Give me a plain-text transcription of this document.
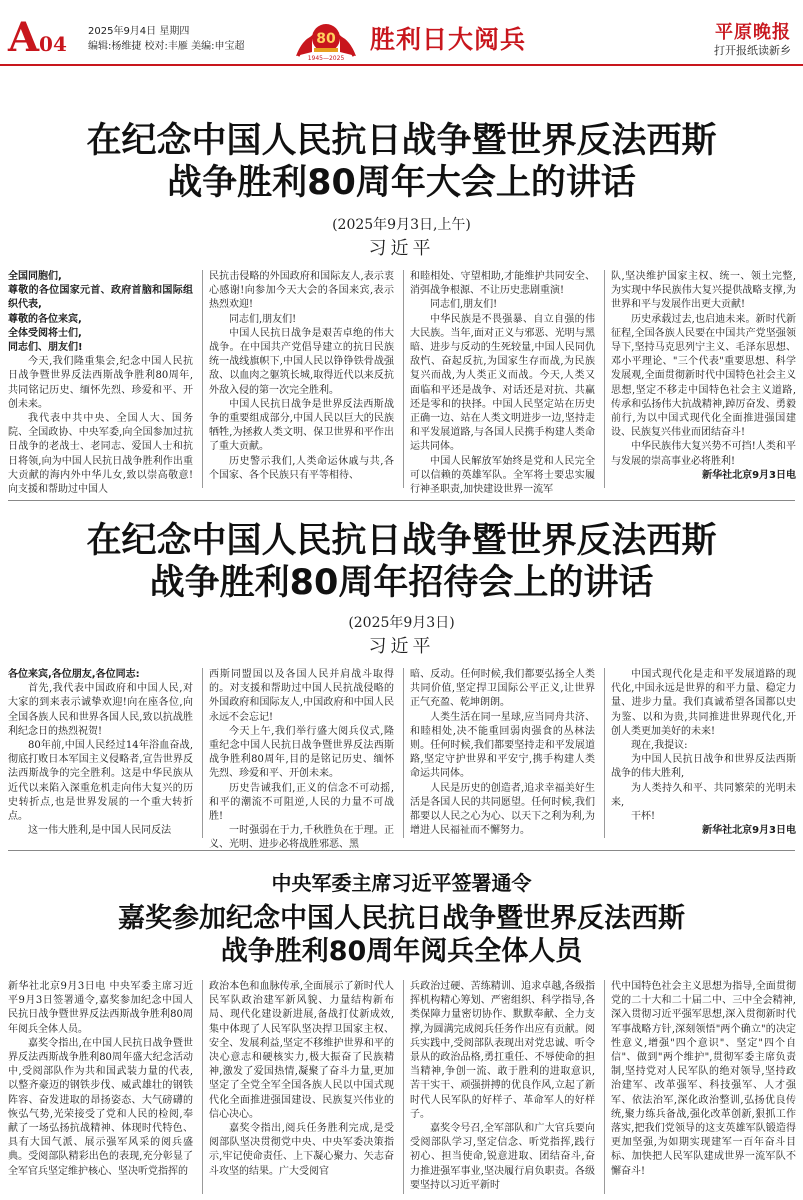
A04
2025年9月4日 星期四
编辑:杨维捷 校对:丰雁 美编:申宝超	80
1945—2025
胜利日大阅兵	平原晚报
打开报纸读新乡
在纪念中国人民抗日战争暨世界反法西斯
战争胜利80周年大会上的讲话
(2025年9月3日,上午)
习近平

全国同胞们,

尊敬的各位国家元首、政府首脑和国际组织代表,

尊敬的各位来宾,

全体受阅将士们,

同志们、朋友们!

今天,我们隆重集会,纪念中国人民抗日战争暨世界反法西斯战争胜利80周年,共同铭记历史、缅怀先烈、珍爱和平、开创未来。

我代表中共中央、全国人大、国务院、全国政协、中央军委,向全国参加过抗日战争的老战士、老同志、爱国人士和抗日将领,向为中国人民抗日战争胜利作出重大贡献的海内外中华儿女,致以崇高敬意!向支援和帮助过中国人

民抗击侵略的外国政府和国际友人,表示衷心感谢!向参加今天大会的各国来宾,表示热烈欢迎!

同志们,朋友们!

中国人民抗日战争是艰苦卓绝的伟大战争。在中国共产党倡导建立的抗日民族统一战线旗帜下,中国人民以铮铮铁骨战强敌、以血肉之躯筑长城,取得近代以来反抗外敌入侵的第一次完全胜利。

中国人民抗日战争是世界反法西斯战争的重要组成部分,中国人民以巨大的民族牺牲,为拯救人类文明、保卫世界和平作出了重大贡献。

历史警示我们,人类命运休戚与共,各个国家、各个民族只有平等相待、

和睦相处、守望相助,才能维护共同安全、消弭战争根源、不让历史悲剧重演!

同志们,朋友们!

中华民族是不畏强暴、自立自强的伟大民族。当年,面对正义与邪恶、光明与黑暗、进步与反动的生死较量,中国人民同仇敌忾、奋起反抗,为国家生存而战,为民族复兴而战,为人类正义而战。今天,人类又面临和平还是战争、对话还是对抗、共赢还是零和的抉择。中国人民坚定站在历史正确一边、站在人类文明进步一边,坚持走和平发展道路,与各国人民携手构建人类命运共同体。

中国人民解放军始终是党和人民完全可以信赖的英雄军队。全军将士要忠实履行神圣职责,加快建设世界一流军

队,坚决维护国家主权、统一、领土完整,为实现中华民族伟大复兴提供战略支撑,为世界和平与发展作出更大贡献!

历史承载过去,也启迪未来。新时代新征程,全国各族人民要在中国共产党坚强领导下,坚持马克思列宁主义、毛泽东思想、邓小平理论、"三个代表"重要思想、科学发展观,全面贯彻新时代中国特色社会主义思想,坚定不移走中国特色社会主义道路,传承和弘扬伟大抗战精神,踔厉奋发、勇毅前行,为以中国式现代化全面推进强国建设、民族复兴伟业而团结奋斗!

中华民族伟大复兴势不可挡!人类和平与发展的崇高事业必将胜利!

新华社北京9月3日电

在纪念中国人民抗日战争暨世界反法西斯
战争胜利80周年招待会上的讲话
(2025年9月3日)
习近平

各位来宾,各位朋友,各位同志:

首先,我代表中国政府和中国人民,对大家的到来表示诚挚欢迎!向在座各位,向全国各族人民和世界各国人民,致以抗战胜利纪念日的热烈祝贺!

80年前,中国人民经过14年浴血奋战,彻底打败日本军国主义侵略者,宣告世界反法西斯战争的完全胜利。这是中华民族从近代以来陷入深重危机走向伟大复兴的历史转折点,也是世界发展的一个重大转折点。

这一伟大胜利,是中国人民同反法

西斯同盟国以及各国人民并肩战斗取得的。对支援和帮助过中国人民抗战侵略的外国政府和国际友人,中国政府和中国人民永远不会忘记!

今天上午,我们举行盛大阅兵仪式,隆重纪念中国人民抗日战争暨世界反法西斯战争胜利80周年,目的是铭记历史、缅怀先烈、珍爱和平、开创未来。

历史告诫我们,正义的信念不可动摇,和平的潮流不可阻逆,人民的力量不可战胜!

一时强弱在于力,千秋胜负在于理。正义、光明、进步必将战胜邪恶、黑

暗、反动。任何时候,我们都要弘扬全人类共同价值,坚定捍卫国际公平正义,让世界正气充盈、乾坤朗朗。

人类生活在同一星球,应当同舟共济、和睦相处,决不能重回弱肉强食的丛林法则。任何时候,我们都要坚持走和平发展道路,坚定守护世界和平安宁,携手构建人类命运共同体。

人民是历史的创造者,追求幸福美好生活是各国人民的共同愿望。任何时候,我们都要以人民之心为心、以天下之利为利,为增进人民福祉而不懈努力。

中国式现代化是走和平发展道路的现代化,中国永远是世界的和平力量、稳定力量、进步力量。我们真诚希望各国都以史为鉴、以和为贵,共同推进世界现代化,开创人类更加美好的未来!

现在,我提议:

为中国人民抗日战争和世界反法西斯战争的伟大胜利,

为人类持久和平、共同繁荣的光明未来,

干杯!

新华社北京9月3日电

中央军委主席习近平签署通令
嘉奖参加纪念中国人民抗日战争暨世界反法西斯
战争胜利80周年阅兵全体人员

新华社北京9月3日电 中央军委主席习近平9月3日签署通令,嘉奖参加纪念中国人民抗日战争暨世界反法西斯战争胜利80周年阅兵全体人员。

嘉奖令指出,在中国人民抗日战争暨世界反法西斯战争胜利80周年盛大纪念活动中,受阅部队作为共和国武装力量的代表,以整齐豪迈的钢铁步伐、威武雄壮的钢铁阵容、奋发进取的昂扬姿态、大气磅礴的恢弘气势,光荣接受了党和人民的检阅,奉献了一场弘扬抗战精神、体现时代特色、具有大国气派、展示强军风采的阅兵盛典。受阅部队精彩出色的表现,充分彰显了全军官兵坚定维护核心、坚决听党指挥的

政治本色和血脉传承,全面展示了新时代人民军队政治建军新风貌、力量结构新布局、现代化建设新进展,备战打仗新成效,集中体现了人民军队坚决捍卫国家主权、安全、发展利益,坚定不移维护世界和平的决心意志和硬核实力,极大振奋了民族精神,激发了爱国热情,凝聚了奋斗力量,更加坚定了全党全军全国各族人民以中国式现代化全面推进强国建设、民族复兴伟业的信心决心。

嘉奖令指出,阅兵任务胜利完成,是受阅部队坚决贯彻党中央、中央军委决策指示,牢记使命责任、上下凝心聚力、矢志奋斗攻坚的结果。广大受阅官

兵政治过硬、苦练精训、追求卓越,各级指挥机构精心筹划、严密组织、科学指导,各类保障力量密切协作、默默奉献、全力支撑,为圆满完成阅兵任务作出应有贡献。阅兵实践中,受阅部队表现出对党忠诚、听令景从的政治品格,勇扛重任、不辱使命的担当精神,争创一流、敢于胜利的进取意识,苦干实干、顽强拼搏的优良作风,立起了新时代人民军队的好样子、革命军人的好样子。

嘉奖令号召,全军部队和广大官兵要向受阅部队学习,坚定信念、听党指挥,践行初心、担当使命,锐意进取、团结奋斗,奋力推进强军事业,坚决履行肩负职责。各级要坚持以习近平新时

代中国特色社会主义思想为指导,全面贯彻党的二十大和二十届二中、三中全会精神,深入贯彻习近平强军思想,深入贯彻新时代军事战略方针,深刻领悟"两个确立"的决定性意义,增强"四个意识"、坚定"四个自信"、做到"两个维护",贯彻军委主席负责制,坚持党对人民军队的绝对领导,坚持政治建军、改革强军、科技强军、人才强军、依法治军,深化政治整训,弘扬优良传统,聚力练兵备战,强化改革创新,狠抓工作落实,把我们党领导的这支英雄军队锻造得更加坚强,为如期实现建军一百年奋斗目标、加快把人民军队建成世界一流军队不懈奋斗!
